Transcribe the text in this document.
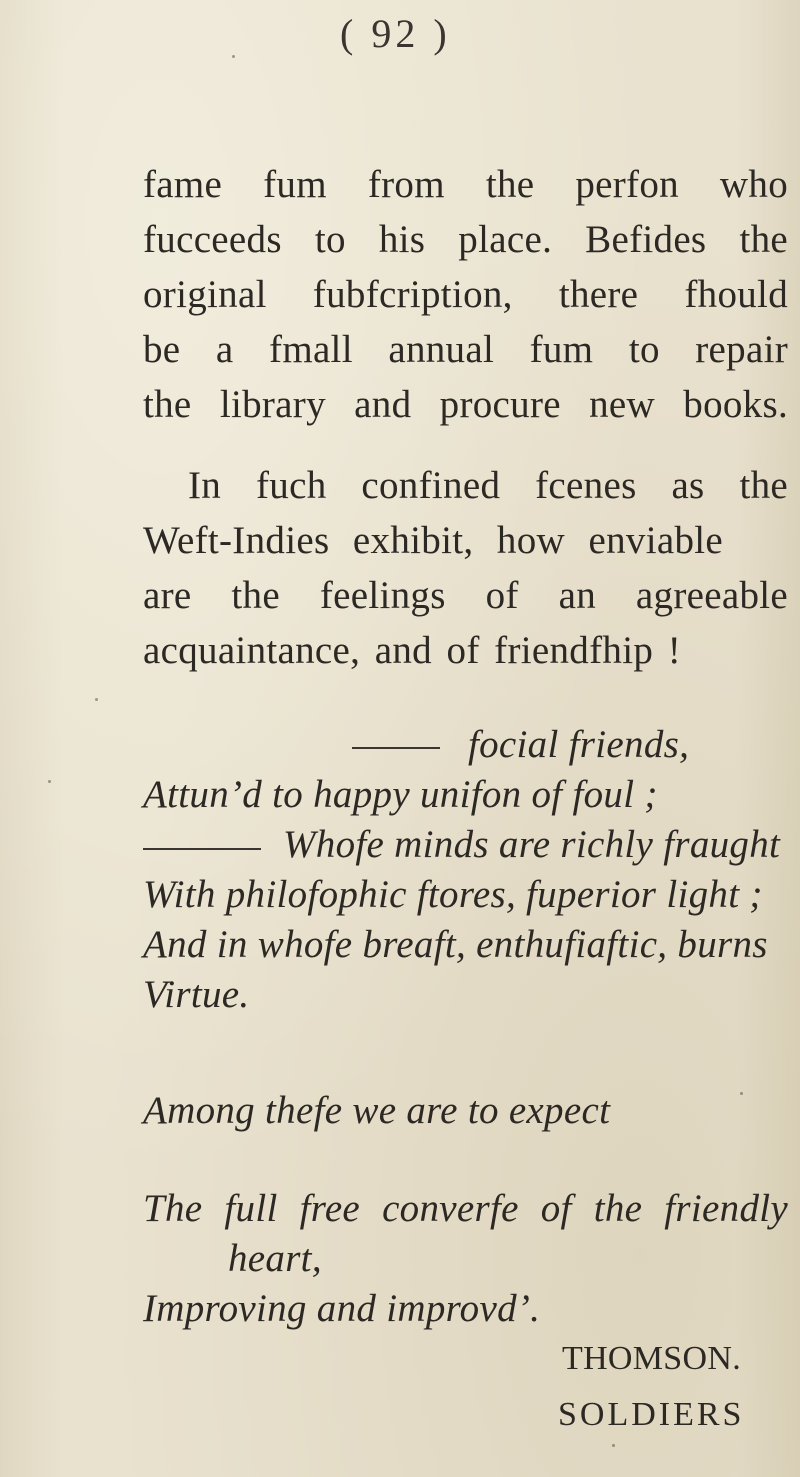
( 92 )
fame fum from the perfon who
fucceeds to his place. Befides the
original fubfcription, there fhould
be a fmall annual fum to repair
the library and procure new books.
In fuch confined fcenes as the
Weft-Indies exhibit, how enviable
are the feelings of an agreeable
acquaintance, and of friendfhip !
focial friends,
Attun’d to happy unifon of foul ;
Whofe minds are richly fraught
With philofophic ftores, fuperior light ;
And in whofe breaft, enthufiaftic, burns
Virtue.
Among thefe we are to expect
The full free converfe of the friendly
heart,
Improving and improvd’.
THOMSON.
SOLDIERS
